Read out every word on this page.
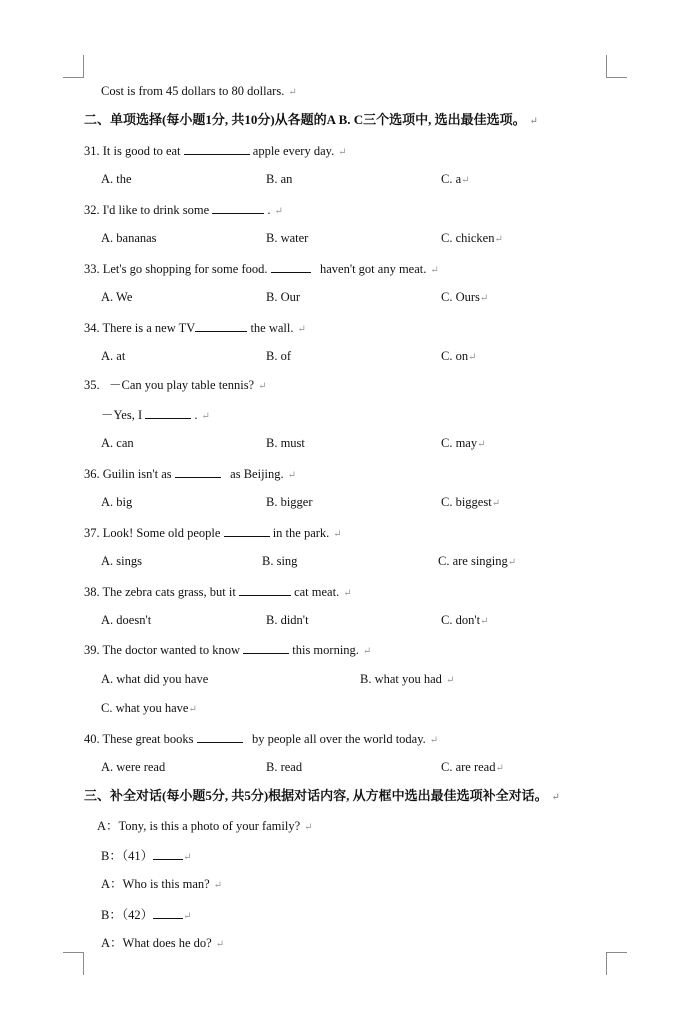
Cost is from 45 dollars to 80 dollars. ↵
二、单项选择(每小题1分, 共10分)从各题的A B. C三个选项中, 选出最佳选项。 ↵
31. It is good to eat	apple every day. ↵
A. the	B. an	C. a↵
32. I'd like to drink some	. ↵
A. bananas	B. water	C. chicken↵
33. Let's go shopping for some food.	haven't got any meat. ↵
A. We	B. Our	C. Ours↵
34. There is a new TV	the wall. ↵
A. at	B. of	C. on↵
35. －Can you play table tennis? ↵
－Yes, I	. ↵
A. can	B. must	C. may↵
36. Guilin isn't as	as Beijing. ↵
A. big	B. bigger	C. biggest↵
37. Look! Some old people	in the park. ↵
A. sings	B. sing	C. are singing↵
38. The zebra cats grass, but it	cat meat. ↵
A. doesn't	B. didn't	C. don't↵
39. The doctor wanted to know	this morning. ↵
A. what did you have	B. what you had ↵
C. what you have↵
40. These great books	by people all over the world today. ↵
A. were read	B. read	C. are read↵
三、补全对话(每小题5分, 共5分)根据对话内容, 从方框中选出最佳选项补全对话。 ↵
A：Tony, is this a photo of your family? ↵
B：（41）	↵
A：Who is this man? ↵
B：（42）	↵
A：What does he do? ↵
